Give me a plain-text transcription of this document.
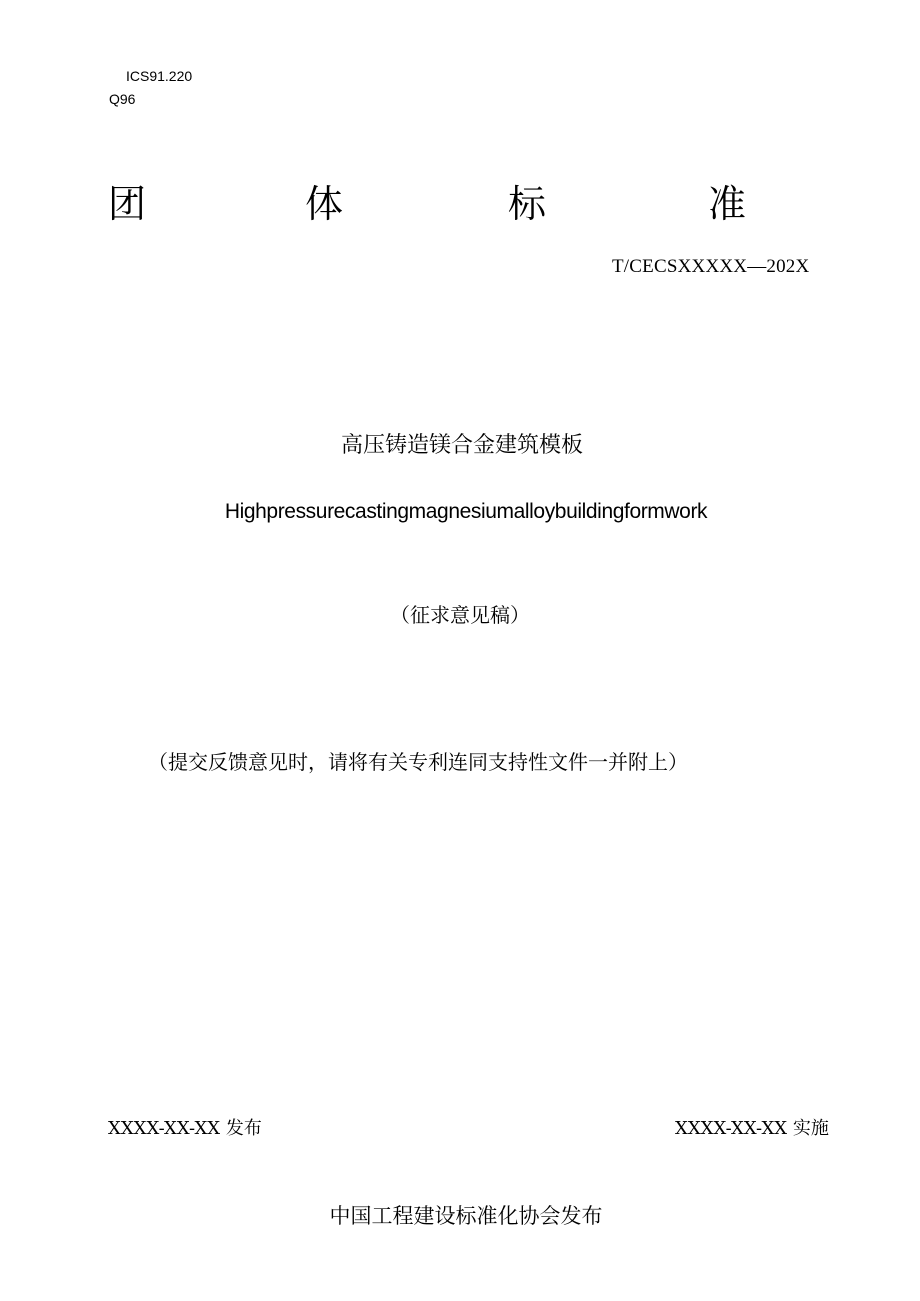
ICS91.220
Q96
团	体	标	准
T/CECSXXXXX—202X
高压铸造镁合金建筑模板
Highpressurecastingmagnesiumalloybuildingformwork
（征求意见稿）
（提交反馈意见时，请将有关专利连同支持性文件一并附上）
XXXX-XX-XX 发布	XXXX-XX-XX 实施
中国工程建设标准化协会发布
